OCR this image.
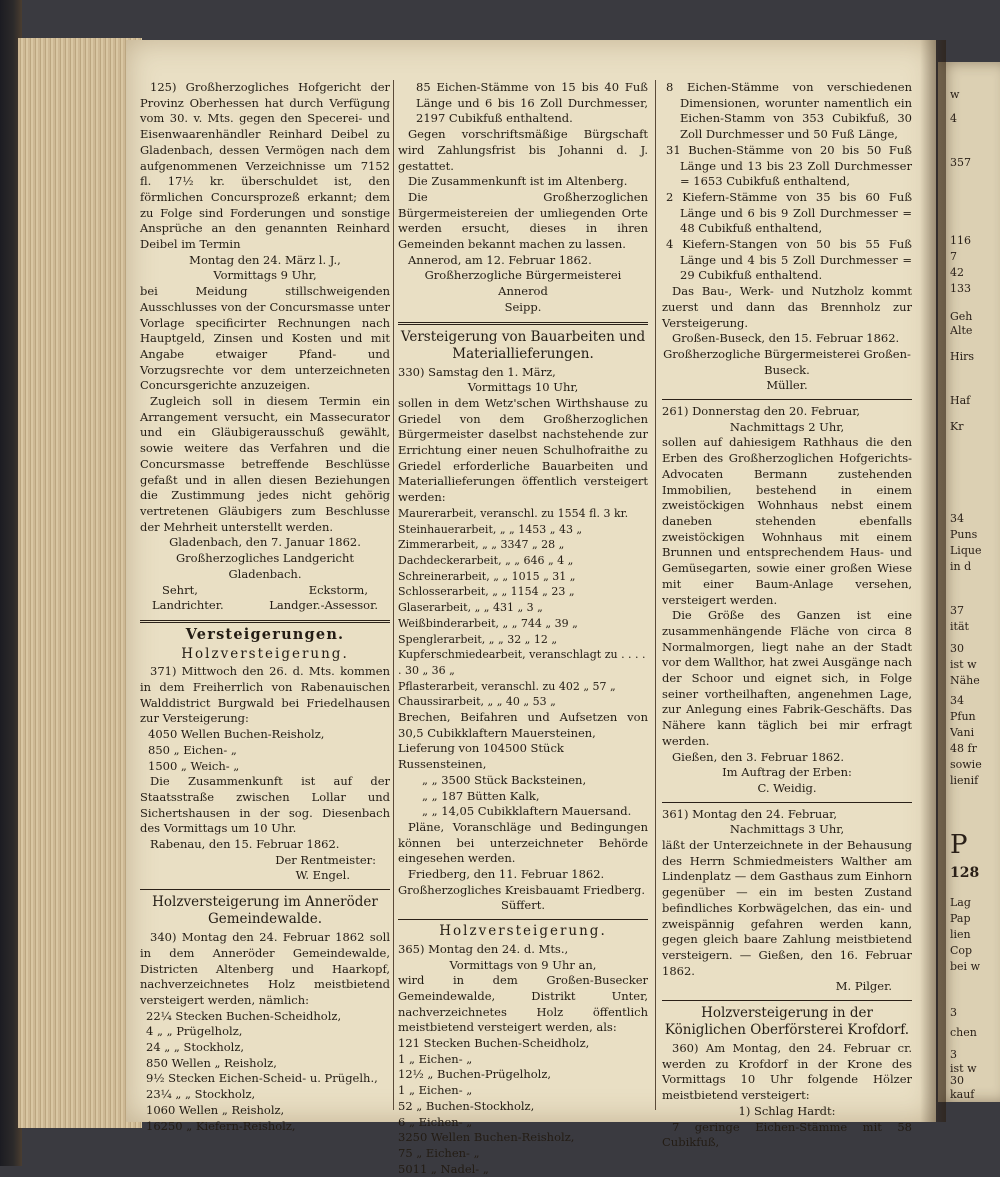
125) Großherzogliches Hofgericht der Provinz Oberhessen hat durch Verfügung vom 30. v. Mts. gegen den Specerei- und Eisenwaarenhändler Reinhard Deibel zu Gladenbach, dessen Vermögen nach dem aufgenommenen Verzeichnisse um 7152 fl. 17½ kr. überschuldet ist, den förmlichen Concursprozeß erkannt; dem zu Folge sind Forderungen und sonstige Ansprüche an den genannten Reinhard Deibel im Termin

Montag den 24. März l. J.,

Vormittags 9 Uhr,

bei Meidung stillschweigenden Ausschlusses von der Concursmasse unter Vorlage specificirter Rechnungen nach Hauptgeld, Zinsen und Kosten und mit Angabe etwaiger Pfand- und Vorzugsrechte vor dem unterzeichneten Concursgerichte anzuzeigen.

Zugleich soll in diesem Termin ein Arrangement versucht, ein Massecurator und ein Gläubigerausschuß gewählt, sowie weitere das Verfahren und die Concursmasse betreffende Beschlüsse gefaßt und in allen diesen Beziehungen die Zustimmung jedes nicht gehörig vertretenen Gläubigers zum Beschlusse der Mehrheit unterstellt werden.

Gladenbach, den 7. Januar 1862.

Großherzogliches Landgericht Gladenbach.

Sehrt,	Eckstorm,
Landrichter.	Landger.-Assessor.
Versteigerungen.
Holzversteigerung.

371) Mittwoch den 26. d. Mts. kommen in dem Freiherrlich von Rabenauischen Walddistrict Burgwald bei Friedelhausen zur Versteigerung:

4050 Wellen Buchen-Reisholz,
850 „ Eichen- „
1500 „ Weich- „

Die Zusammenkunft ist auf der Staatsstraße zwischen Lollar und Sichertshausen in der sog. Diesenbach des Vormittags um 10 Uhr.

Rabenau, den 15. Februar 1862.

Der Rentmeister:

W. Engel.

Holzversteigerung im Anneröder Gemeindewalde.

340) Montag den 24. Februar 1862 soll in dem Anneröder Gemeindewalde, Districten Altenberg und Haarkopf, nachverzeichnetes Holz meistbietend versteigert werden, nämlich:

22¼ Stecken Buchen-Scheidholz,
4 „ „ Prügelholz,
24 „ „ Stockholz,
850 Wellen „ Reisholz,
9½ Stecken Eichen-Scheid- u. Prügelh.,
23¼ „ „ Stockholz,
1060 Wellen „ Reisholz,
16250 „ Kiefern-Reisholz,

85 Eichen-Stämme von 15 bis 40 Fuß Länge und 6 bis 16 Zoll Durchmesser, 2197 Cubikfuß enthaltend.

Gegen vorschriftsmäßige Bürgschaft wird Zahlungsfrist bis Johanni d. J. gestattet.

Die Zusammenkunft ist im Altenberg.

Die Großherzoglichen Bürgermeistereien der umliegenden Orte werden ersucht, dieses in ihren Gemeinden bekannt machen zu lassen.

Annerod, am 12. Februar 1862.

Großherzogliche Bürgermeisterei Annerod

Seipp.

Versteigerung von Bauarbeiten und Materiallieferungen.

330) Samstag den 1. März,

Vormittags 10 Uhr,

sollen in dem Wetz'schen Wirthshause zu Griedel von dem Großherzoglichen Bürgermeister daselbst nachstehende zur Errichtung einer neuen Schulhofraithe zu Griedel erforderliche Bauarbeiten und Materiallieferungen öffentlich versteigert werden:

Maurerarbeit, veranschl. zu 1554 fl. 3 kr.
Steinhauerarbeit, „ „ 1453 „ 43 „
Zimmerarbeit, „ „ 3347 „ 28 „
Dachdeckerarbeit, „ „ 646 „ 4 „
Schreinerarbeit, „ „ 1015 „ 31 „
Schlosserarbeit, „ „ 1154 „ 23 „
Glaserarbeit, „ „ 431 „ 3 „
Weißbinderarbeit, „ „ 744 „ 39 „
Spenglerarbeit, „ „ 32 „ 12 „
Kupferschmiedearbeit, veranschlagt zu . . . . . 30 „ 36 „
Pflasterarbeit, veranschl. zu 402 „ 57 „
Chaussirarbeit, „ „ 40 „ 53 „

Brechen, Beifahren und Aufsetzen von 30,5 Cubikklaftern Mauersteinen,

Lieferung von 104500 Stück Russensteinen,
„ „ 3500 Stück Backsteinen,
„ „ 187 Bütten Kalk,
„ „ 14,05 Cubikklaftern Mauersand.

Pläne, Voranschläge und Bedingungen können bei unterzeichneter Behörde eingesehen werden.

Friedberg, den 11. Februar 1862.

Großherzogliches Kreisbauamt Friedberg.

Süffert.

Holzversteigerung.

365) Montag den 24. d. Mts.,

Vormittags von 9 Uhr an,

wird in dem Großen-Busecker Gemeindewalde, Distrikt Unter, nachverzeichnetes Holz öffentlich meistbietend versteigert werden, als:

121 Stecken Buchen-Scheidholz,
1 „ Eichen- „
12½ „ Buchen-Prügelholz,
1 „ Eichen- „
52 „ Buchen-Stockholz,
6 „ Eichen- „
3250 Wellen Buchen-Reisholz,
75 „ Eichen- „
5011 „ Nadel- „

8 Eichen-Stämme von verschiedenen Dimensionen, worunter namentlich ein Eichen-Stamm von 353 Cubikfuß, 30 Zoll Durchmesser und 50 Fuß Länge,

31 Buchen-Stämme von 20 bis 50 Fuß Länge und 13 bis 23 Zoll Durchmesser = 1653 Cubikfuß enthaltend,

2 Kiefern-Stämme von 35 bis 60 Fuß Länge und 6 bis 9 Zoll Durchmesser = 48 Cubikfuß enthaltend,

4 Kiefern-Stangen von 50 bis 55 Fuß Länge und 4 bis 5 Zoll Durchmesser = 29 Cubikfuß enthaltend.

Das Bau-, Werk- und Nutzholz kommt zuerst und dann das Brennholz zur Versteigerung.

Großen-Buseck, den 15. Februar 1862.

Großherzogliche Bürgermeisterei Großen-Buseck.

Müller.

261) Donnerstag den 20. Februar,

Nachmittags 2 Uhr,

sollen auf dahiesigem Rathhaus die den Erben des Großherzoglichen Hofgerichts-Advocaten Bermann zustehenden Immobilien, bestehend in einem zweistöckigen Wohnhaus nebst einem daneben stehenden ebenfalls zweistöckigen Wohnhaus mit einem Brunnen und entsprechendem Haus- und Gemüsegarten, sowie einer großen Wiese mit einer Baum-Anlage versehen, versteigert werden.

Die Größe des Ganzen ist eine zusammenhängende Fläche von circa 8 Normalmorgen, liegt nahe an der Stadt vor dem Wallthor, hat zwei Ausgänge nach der Schoor und eignet sich, in Folge seiner vortheilhaften, angenehmen Lage, zur Anlegung eines Fabrik-Geschäfts. Das Nähere kann täglich bei mir erfragt werden.

Gießen, den 3. Februar 1862.

Im Auftrag der Erben:

C. Weidig.

361) Montag den 24. Februar,

Nachmittags 3 Uhr,

läßt der Unterzeichnete in der Behausung des Herrn Schmiedmeisters Walther am Lindenplatz — dem Gasthaus zum Einhorn gegenüber — ein im besten Zustand befindliches Korbwägelchen, das ein- und zweispännig gefahren werden kann, gegen gleich baare Zahlung meistbietend versteigern. — Gießen, den 16. Februar 1862.

M. Pilger.

Holzversteigerung in der Königlichen Oberförsterei Krofdorf.

360) Am Montag, den 24. Februar cr. werden zu Krofdorf in der Krone des Vormittags 10 Uhr folgende Hölzer meistbietend versteigert:

1) Schlag Hardt:

7 geringe Eichen-Stämme mit 58 Cubikfuß,

w
4
357
116
7
42
133
Geh
Alte
Hirs
Haf
Kr
34
Puns
Lique
in d
37
ität
30
ist w
Nähe
34
Pfun
Vani
48 fr
sowie
lienif
P
128
Lag
Pap
lien
Cop
bei w
3
chen
3
ist w
30
kauf
